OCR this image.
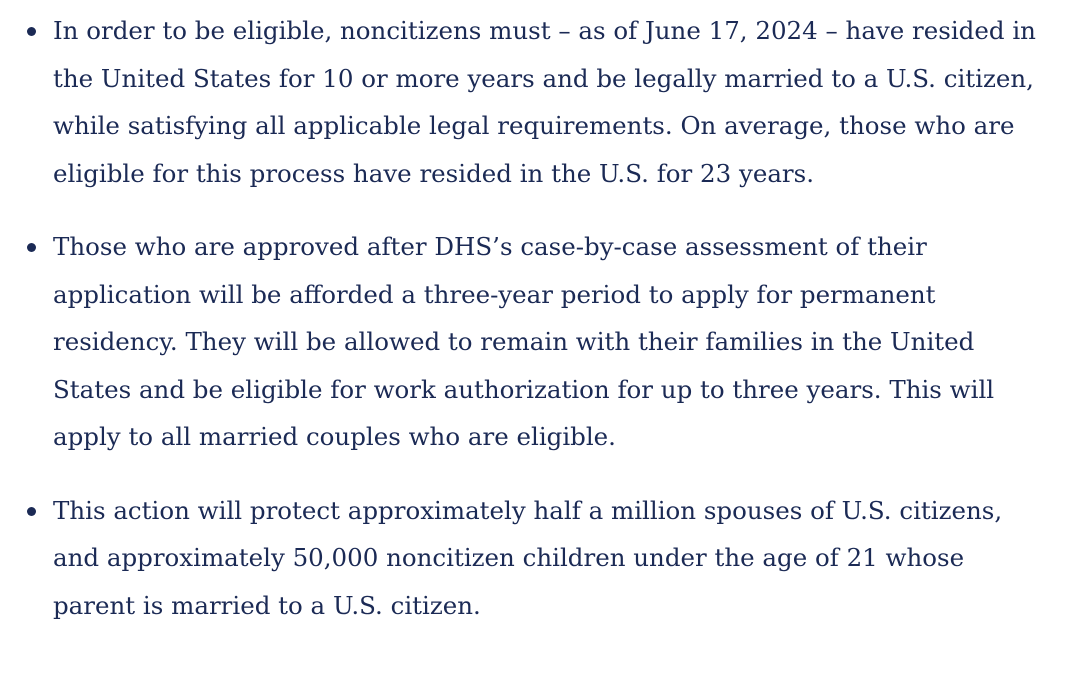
In order to be eligible, noncitizens must – as of June 17, 2024 – have resided in the United States for 10 or more years and be legally married to a U.S. citizen, while satisfying all applicable legal requirements. On average, those who are eligible for this process have resided in the U.S. for 23 years.
Those who are approved after DHS’s case-by-case assessment of their application will be afforded a three-year period to apply for permanent residency. They will be allowed to remain with their families in the United States and be eligible for work authorization for up to three years. This will apply to all married couples who are eligible.
This action will protect approximately half a million spouses of U.S. citizens, and approximately 50,000 noncitizen children under the age of 21 whose parent is married to a U.S. citizen.
